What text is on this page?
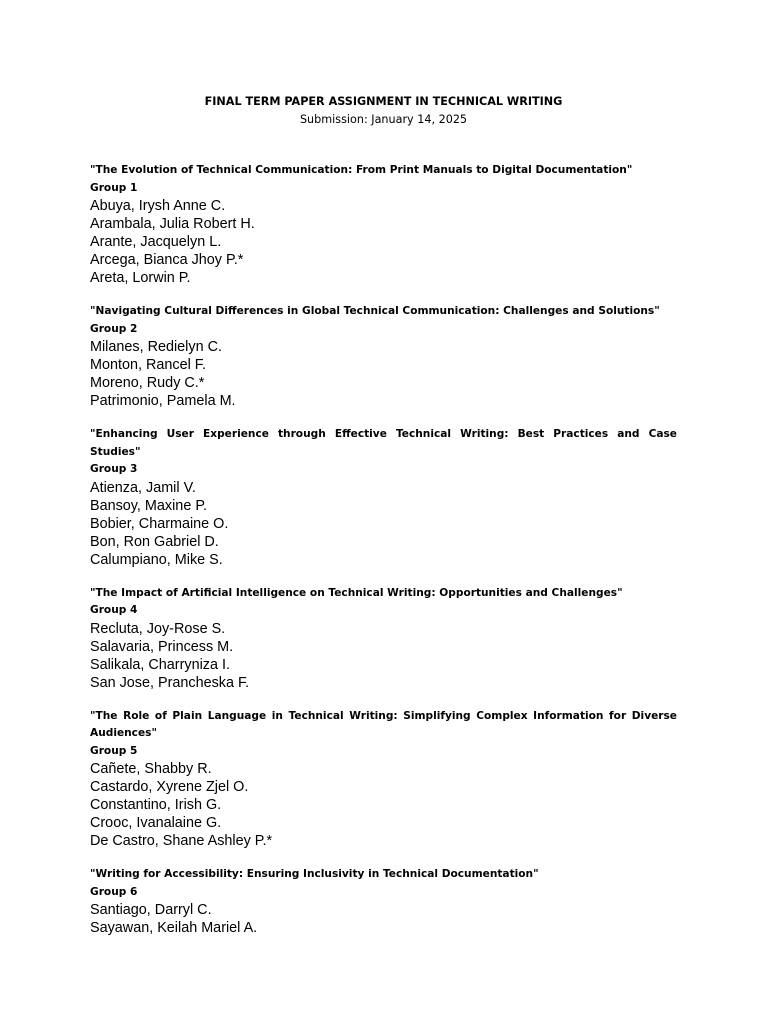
FINAL TERM PAPER ASSIGNMENT IN TECHNICAL WRITING

Submission: January 14, 2025

"The Evolution of Technical Communication: From Print Manuals to Digital Documentation"

Group 1

Abuya, Irysh Anne C.
Arambala, Julia Robert H.
Arante, Jacquelyn L.
Arcega, Bianca Jhoy P.*
Areta, Lorwin P.

"Navigating Cultural Differences in Global Technical Communication: Challenges and Solutions"

Group 2

Milanes, Redielyn C.
Monton, Rancel F.
Moreno, Rudy C.*
Patrimonio, Pamela M.

"Enhancing User Experience through Effective Technical Writing: Best Practices and Case Studies"

Group 3

Atienza, Jamil V.
Bansoy, Maxine P.
Bobier, Charmaine O.
Bon, Ron Gabriel D.
Calumpiano, Mike S.

"The Impact of Artificial Intelligence on Technical Writing: Opportunities and Challenges"

Group 4

Recluta, Joy-Rose S.
Salavaria, Princess M.
Salikala, Charryniza I.
San Jose, Prancheska F.

"The Role of Plain Language in Technical Writing: Simplifying Complex Information for Diverse Audiences"

Group 5

Cañete, Shabby R.
Castardo, Xyrene Zjel O.
Constantino, Irish G.
Crooc, Ivanalaine G.
De Castro, Shane Ashley P.*

"Writing for Accessibility: Ensuring Inclusivity in Technical Documentation"

Group 6

Santiago, Darryl C.
Sayawan, Keilah Mariel A.
